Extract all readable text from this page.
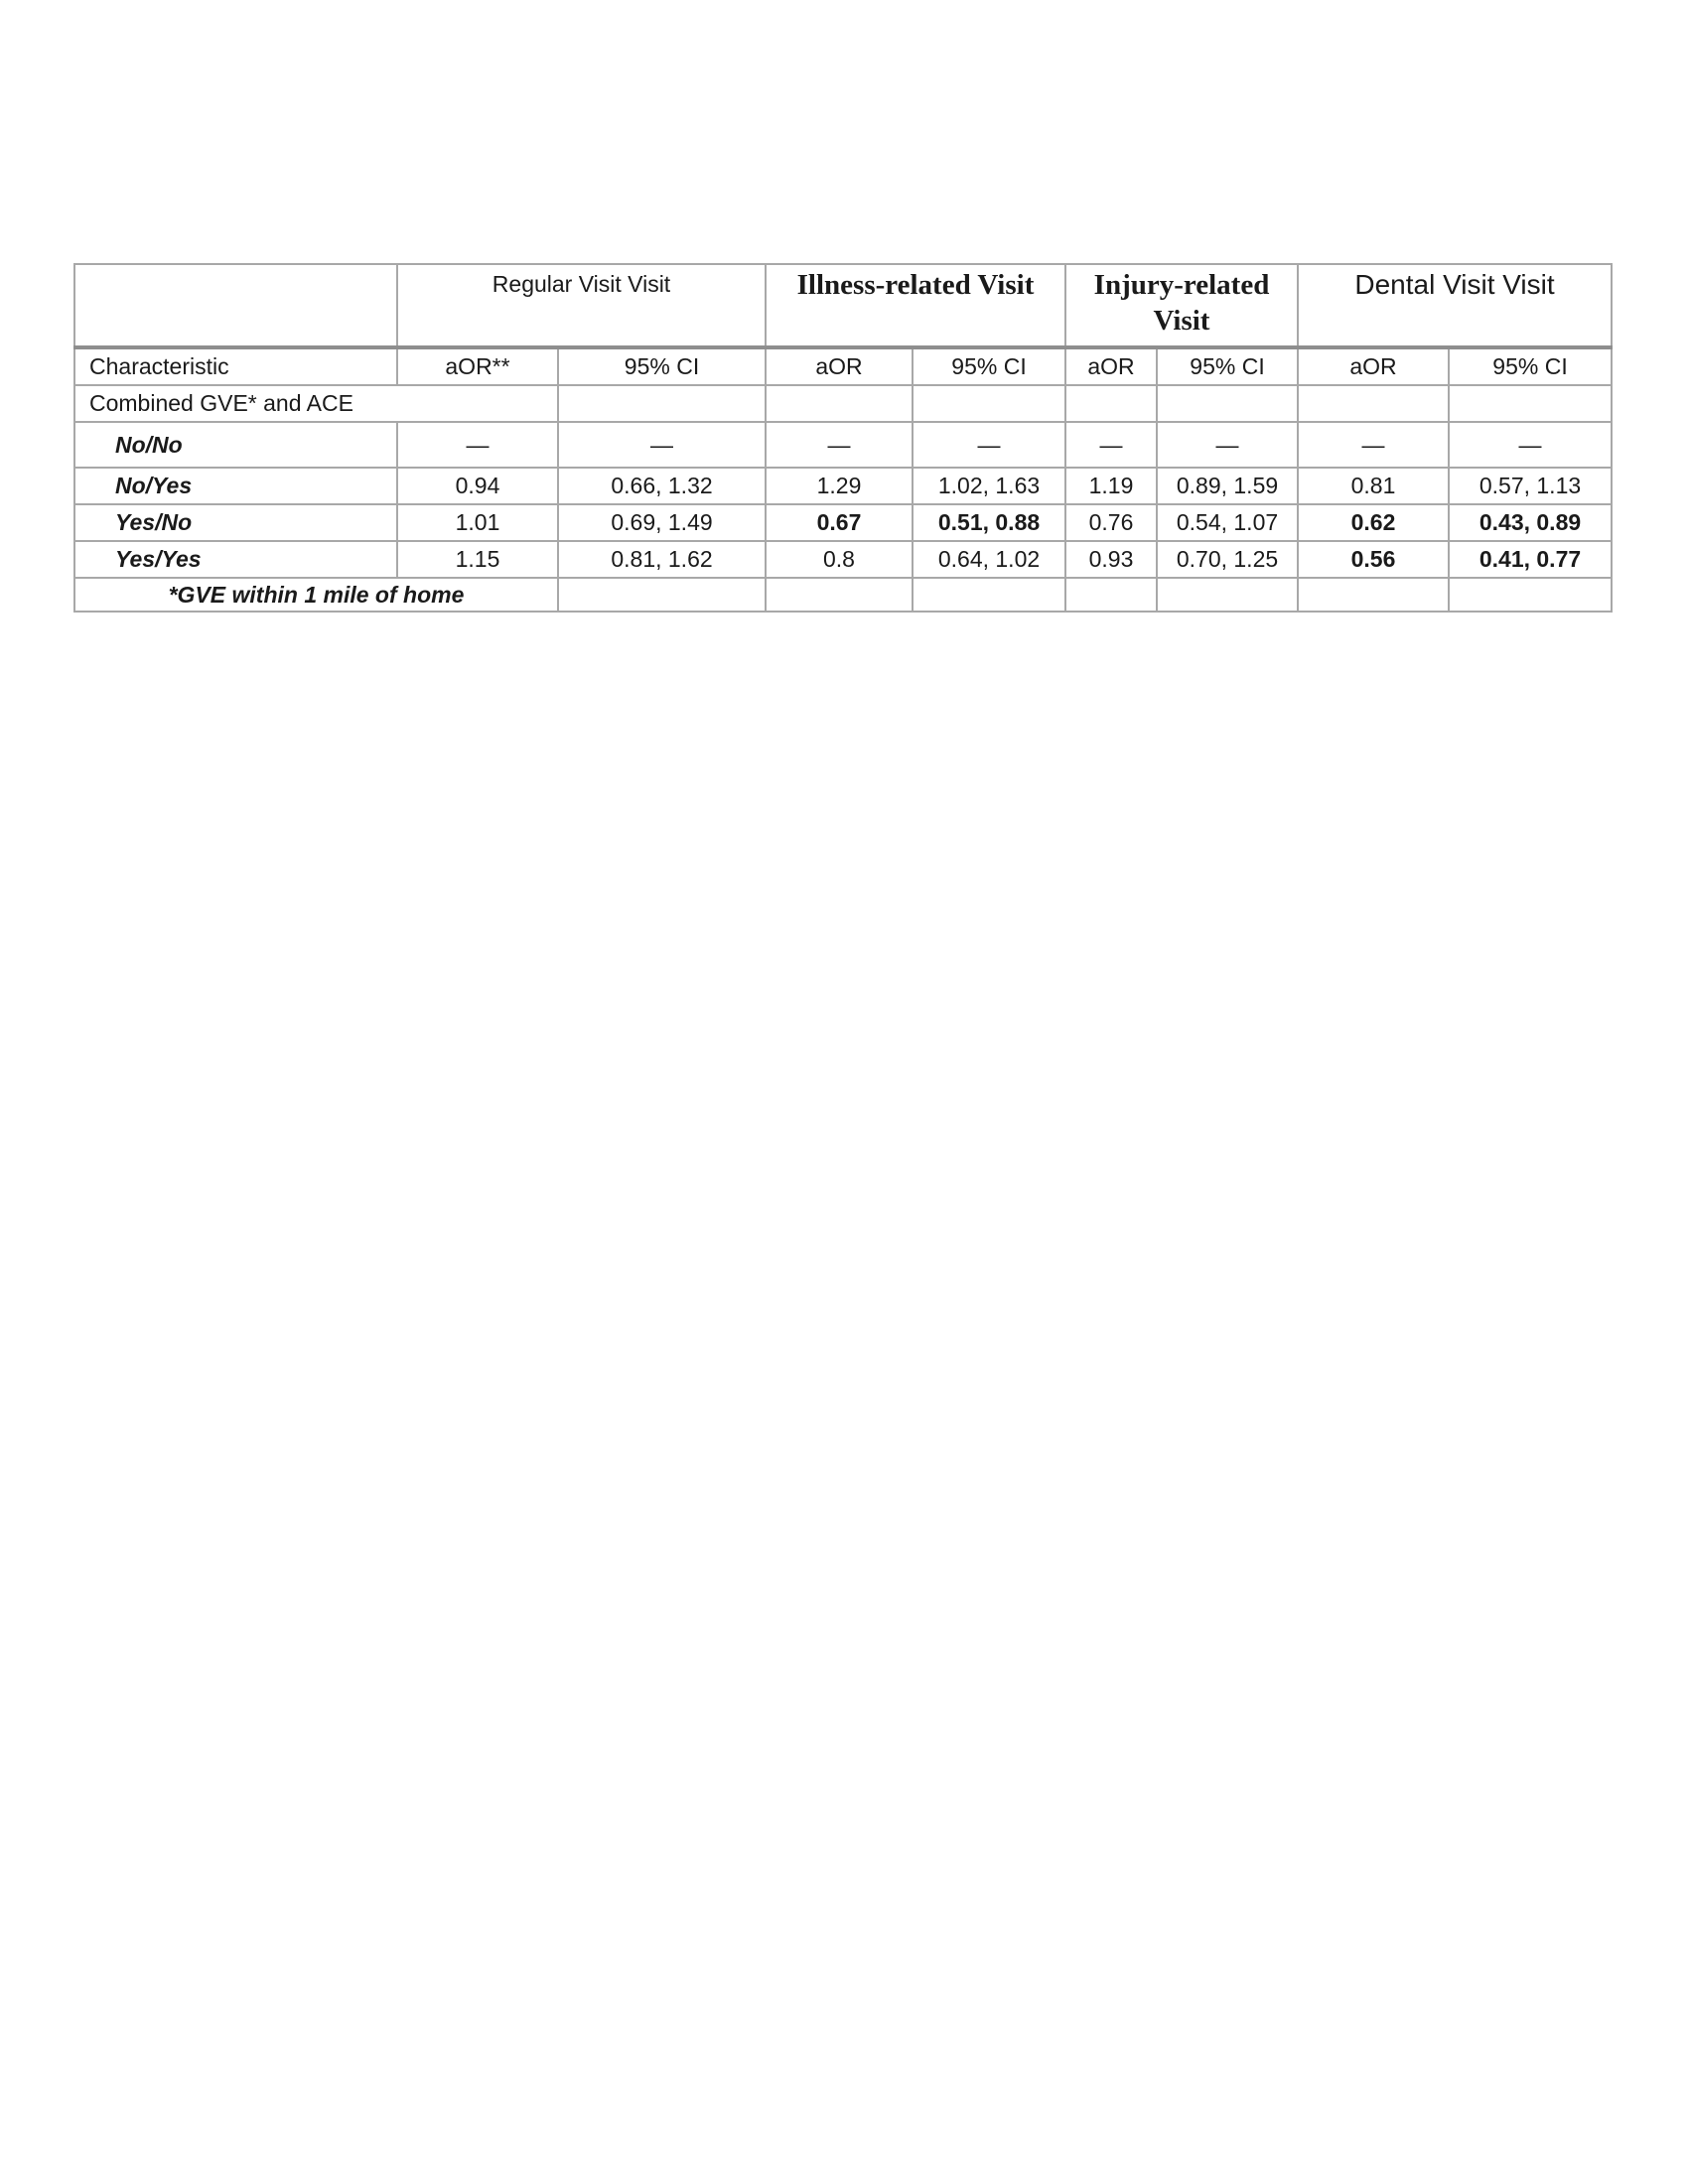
	Regular Visit Visit		Illness-related Visit		Injury-related Visit		Dental Visit Visit	
Characteristic	aOR**	95% CI	aOR	95% CI	aOR	95% CI	aOR	95% CI
Combined GVE* and ACE								
No/No	—	—	—	—	—	—	—	—
No/Yes	0.94	0.66, 1.32	1.29	1.02, 1.63	1.19	0.89, 1.59	0.81	0.57, 1.13
Yes/No	1.01	0.69, 1.49	0.67	0.51, 0.88	0.76	0.54, 1.07	0.62	0.43, 0.89
Yes/Yes	1.15	0.81, 1.62	0.8	0.64, 1.02	0.93	0.70, 1.25	0.56	0.41, 0.77
*GVE within 1 mile of home								
